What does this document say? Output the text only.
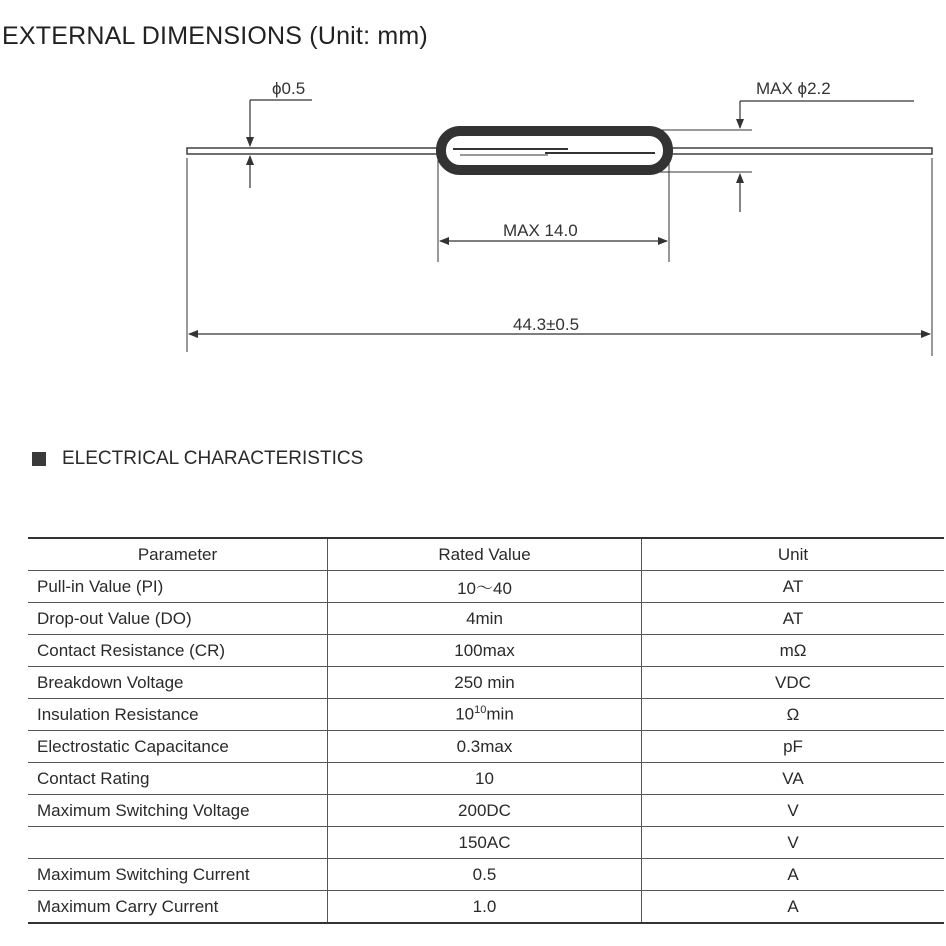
EXTERNAL DIMENSIONS (Unit: mm)
ϕ0.5	MAX ϕ2.2
MAX 14.0
44.3±0.5
ELECTRICAL CHARACTERISTICS
Parameter	Rated Value	Unit
Pull-in Value (PI)	10〜40	AT
Drop-out Value (DO)	4min	AT
Contact Resistance (CR)	100max	mΩ
Breakdown Voltage	250 min	VDC
Insulation Resistance	$10^{10}\min$	Ω
Electrostatic Capacitance	0.3max	pF
Contact Rating	10	VA
Maximum Switching Voltage	200DC	V
	150AC	V
Maximum Switching Current	0.5	A
Maximum Carry Current	1.0	A
